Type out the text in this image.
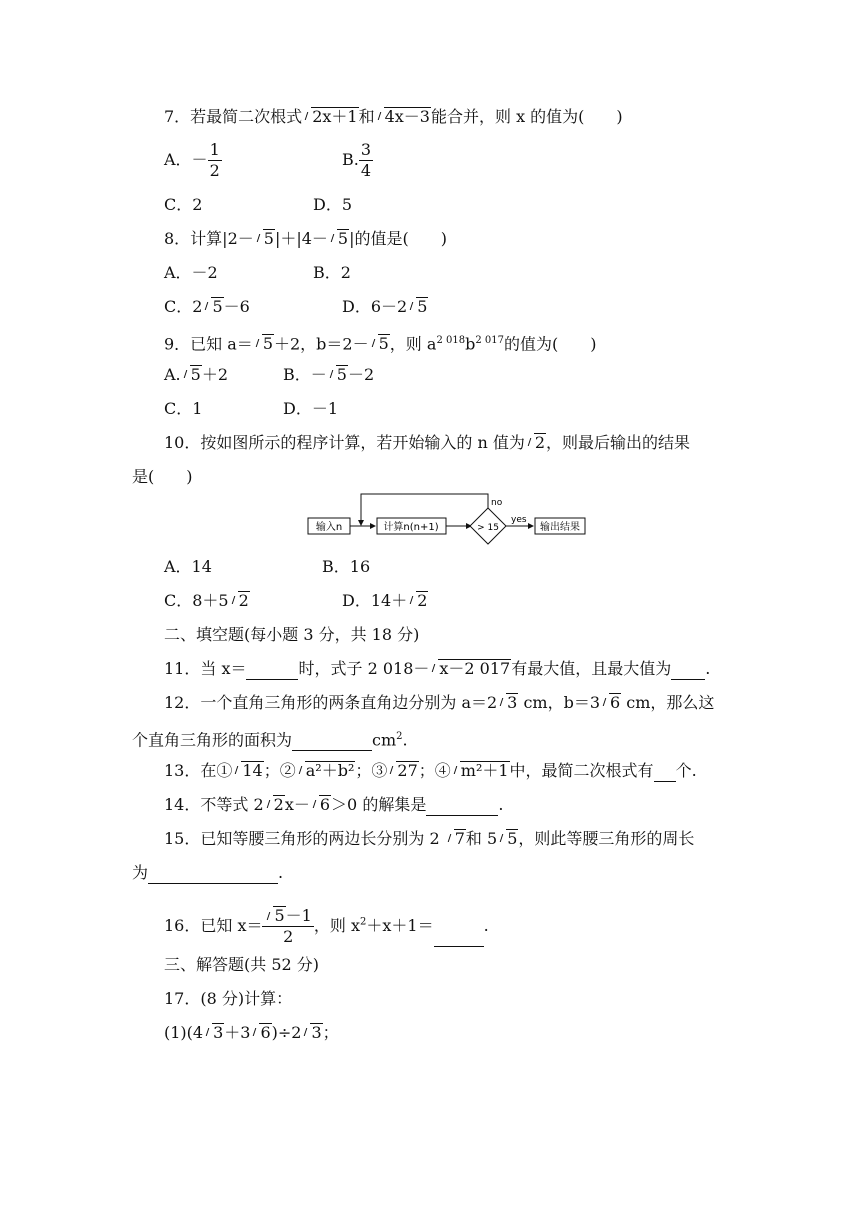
7．若最简二次根式 2x＋1和 4x－3能合并，则 x 的值为(　　)
A．－ $\frac{1}{2}$	B. $\frac{3}{4}$
C．2	D．5
8．计算|2－ 5|＋|4－ 5|的值是(　　)
A．－2	B．2
C．2 5－6	D．6－2 5
9．已知 a＝ 5＋2，b＝2－ 5，则 $a^{2 018}b^{2 017}$的值为(　　)
A. 5＋2	B．－ 5－2
C．1	D．－1
10．按如图所示的程序计算，若开始输入的 n 值为 2，则最后输出的结果
是(　　)
输入n	计算n(n+1)	> 15
no
yes
输出结果
A．14	B．16
C．8＋5 2	D．14＋ 2
二、填空题(每小题 3 分，共 18 分)
11．当 x＝	时，式子 2 018－ x－2 017有最大值，且最大值为 .
12．一个直角三角形的两条直角边分别为 a＝2 3 cm，b＝3 6 cm，那么这
个直角三角形的面积为	$cm^2$.
13．在① 14；② a²＋b²；③ 27；④ m²＋1中，最简二次根式有 个.
14．不等式 2 2x－ 6＞0 的解集是	.
15．已知等腰三角形的两边长分别为 2 7和 5 5，则此等腰三角形的周长
为	.
16．已知 $x= \frac{5-1}{2}$ ，则 $x^2+x+1=$	.
三、解答题(共 52 分)
17．(8 分)计算：
(1)(4 3＋3 6)÷2 3；
